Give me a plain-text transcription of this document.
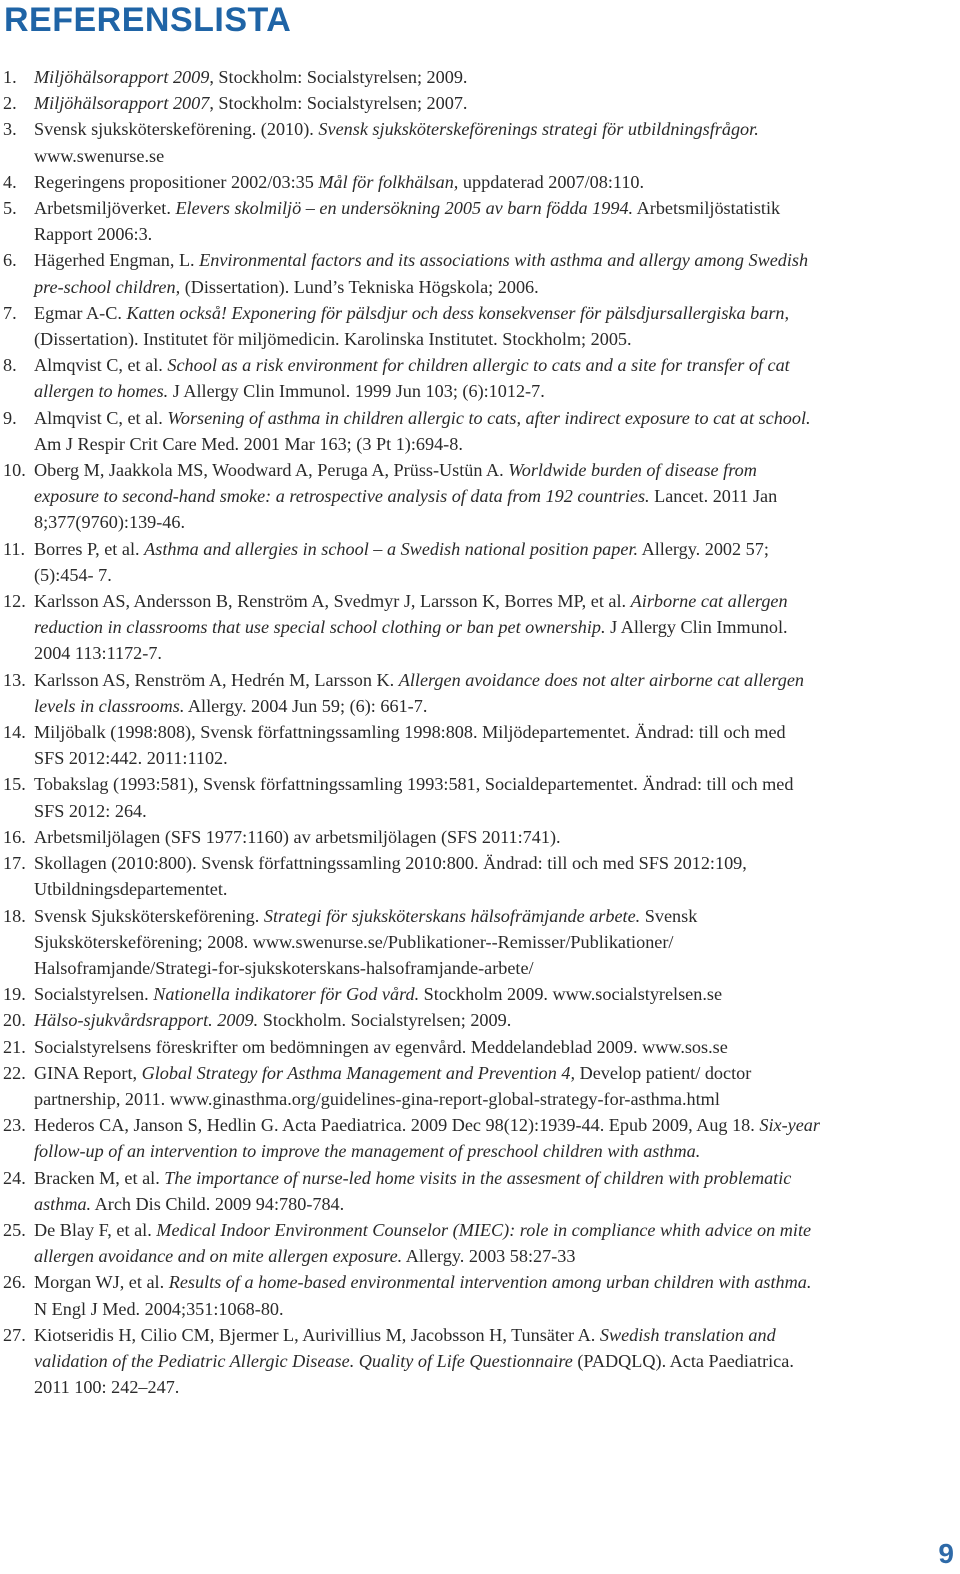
REFERENSLISTA
1. Miljöhälsorapport 2009, Stockholm: Socialstyrelsen; 2009.
2. Miljöhälsorapport 2007, Stockholm: Socialstyrelsen; 2007.
3. Svensk sjuksköterskeförening. (2010). Svensk sjuksköterskeförenings strategi för utbildningsfrågor. www.swenurse.se
4. Regeringens propositioner 2002/03:35 Mål för folkhälsan, uppdaterad 2007/08:110.
5. Arbetsmiljöverket. Elevers skolmiljö – en undersökning 2005 av barn födda 1994. Arbetsmiljöstatistik Rapport 2006:3.
6. Hägerhed Engman, L. Environmental factors and its associations with asthma and allergy among Swedish pre-school children, (Dissertation). Lund’s Tekniska Högskola; 2006.
7. Egmar A-C. Katten också! Exponering för pälsdjur och dess konsekvenser för pälsdjursallergiska barn, (Dissertation). Institutet för miljömedicin. Karolinska Institutet. Stockholm; 2005.
8. Almqvist C, et al. School as a risk environment for children allergic to cats and a site for transfer of cat allergen to homes. J Allergy Clin Immunol. 1999 Jun 103; (6):1012-7.
9. Almqvist C, et al. Worsening of asthma in children allergic to cats, after indirect exposure to cat at school. Am J Respir Crit Care Med. 2001 Mar 163; (3 Pt 1):694-8.
10. Oberg M, Jaakkola MS, Woodward A, Peruga A, Prüss-Ustün A. Worldwide burden of disease from exposure to second-hand smoke: a retrospective analysis of data from 192 countries. Lancet. 2011 Jan 8;377(9760):139-46.
11. Borres P, et al. Asthma and allergies in school – a Swedish national position paper. Allergy. 2002 57;(5):454- 7.
12. Karlsson AS, Andersson B, Renström A, Svedmyr J, Larsson K, Borres MP, et al. Airborne cat allergen reduction in classrooms that use special school clothing or ban pet ownership. J Allergy Clin Immunol. 2004 113:1172-7.
13. Karlsson AS, Renström A, Hedrén M, Larsson K. Allergen avoidance does not alter airborne cat allergen levels in classrooms. Allergy. 2004 Jun 59; (6): 661-7.
14. Miljöbalk (1998:808), Svensk författningssamling 1998:808. Miljödepartementet. Ändrad: till och med SFS 2012:442. 2011:1102.
15. Tobakslag (1993:581), Svensk författningssamling 1993:581, Socialdepartementet. Ändrad: till och med SFS 2012: 264.
16. Arbetsmiljölagen (SFS 1977:1160) av arbetsmiljölagen (SFS 2011:741).
17. Skollagen (2010:800). Svensk författningssamling 2010:800. Ändrad: till och med SFS 2012:109, Utbildningsdepartementet.
18. Svensk Sjuksköterskeförening. Strategi för sjuksköterskans hälsofrämjande arbete. Svensk Sjuksköterskeförening; 2008. www.swenurse.se/Publikationer--Remisser/Publikationer/ Halsoframjande/Strategi-for-sjukskoterskans-halsoframjande-arbete/
19. Socialstyrelsen. Nationella indikatorer för God vård. Stockholm 2009. www.socialstyrelsen.se
20. Hälso-sjukvårdsrapport. 2009. Stockholm. Socialstyrelsen; 2009.
21. Socialstyrelsens föreskrifter om bedömningen av egenvård. Meddelandeblad 2009. www.sos.se
22. GINA Report, Global Strategy for Asthma Management and Prevention 4, Develop patient/ doctor partnership, 2011. www.ginasthma.org/guidelines-gina-report-global-strategy-for-asthma.html
23. Hederos CA, Janson S, Hedlin G. Acta Paediatrica. 2009 Dec 98(12):1939-44. Epub 2009, Aug 18. Six-year follow-up of an intervention to improve the management of preschool children with asthma.
24. Bracken M, et al. The importance of nurse-led home visits in the assesment of children with problematic asthma. Arch Dis Child. 2009 94:780-784.
25. De Blay F, et al. Medical Indoor Environment Counselor (MIEC): role in compliance whith advice on mite allergen avoidance and on mite allergen exposure. Allergy. 2003 58:27-33
26. Morgan WJ, et al. Results of a home-based environmental intervention among urban children with asthma. N Engl J Med. 2004;351:1068-80.
27. Kiotseridis H, Cilio CM, Bjermer L, Aurivillius M, Jacobsson H, Tunsäter A. Swedish translation and validation of the Pediatric Allergic Disease. Quality of Life Questionnaire (PADQLQ). Acta Paediatrica. 2011 100: 242–247.
9
